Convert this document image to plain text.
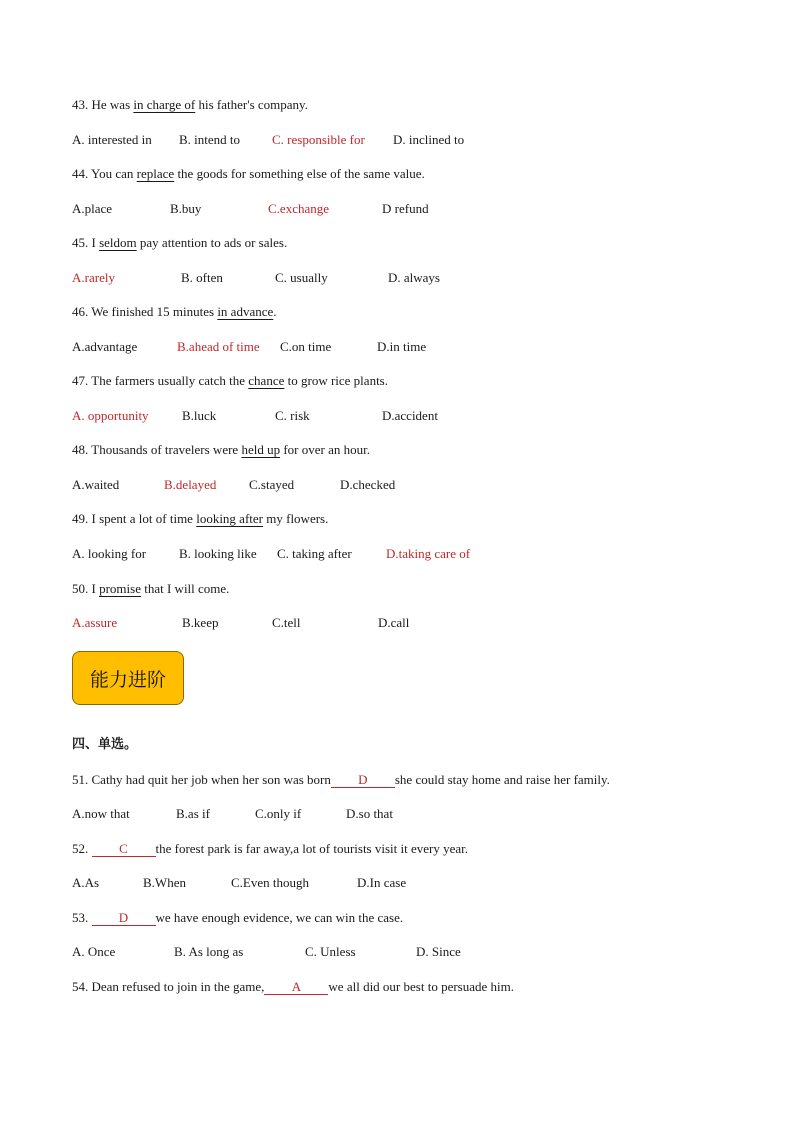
43. He was in charge of his father's company.
A. interested in B. intend to C. responsible for D. inclined to
44. You can replace the goods for something else of the same value.
A.place	B.buy	C.exchange	D refund
45. I seldom pay attention to ads or sales.
A.rarely	B. often	C. usually	D. always
46. We finished 15 minutes in advance.
A.advantage	B.ahead of time C.on time	D.in time
47. The farmers usually catch the chance to grow rice plants.
A. opportunity	B.luck	C. risk	D.accident
48. Thousands of travelers were held up for over an hour.
A.waited	B.delayed	C.stayed	D.checked
49. I spent a lot of time looking after my flowers.
A. looking for	B. looking like C. taking after	D.taking care of
50. I promise that I will come.
A.assure	B.keep	C.tell	D.call
能力进阶
四、单选。
51. Cathy had quit her job when her son was born D she could stay home and raise her family.
A.now that	B.as if	C.only if	D.so that
52. C the forest park is far away,a lot of tourists visit it every year.
A.As	B.When	C.Even though	D.In case
53. D we have enough evidence, we can win the case.
A. Once	B. As long as	C. Unless	D. Since
54. Dean refused to join in the game, A we all did our best to persuade him.
